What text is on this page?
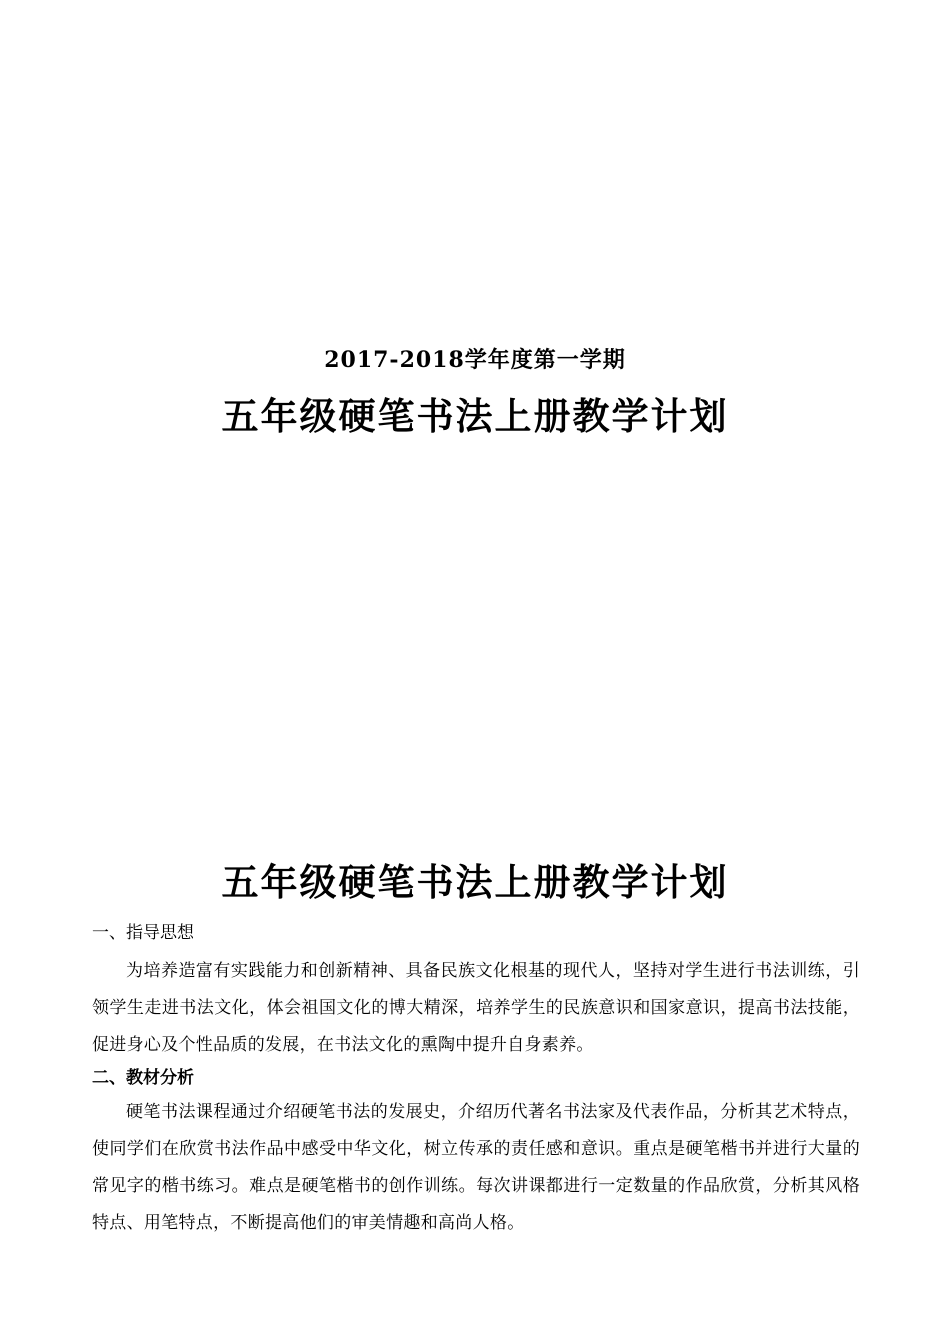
2017-2018学年度第一学期
五年级硬笔书法上册教学计划
五年级硬笔书法上册教学计划

一、指导思想

为培养造富有实践能力和创新精神、具备民族文化根基的现代人，坚持对学生进行书法训练，引领学生走进书法文化，体会祖国文化的博大精深，培养学生的民族意识和国家意识，提高书法技能，促进身心及个性品质的发展，在书法文化的熏陶中提升自身素养。

二、教材分析

硬笔书法课程通过介绍硬笔书法的发展史，介绍历代著名书法家及代表作品，分析其艺术特点，使同学们在欣赏书法作品中感受中华文化，树立传承的责任感和意识。重点是硬笔楷书并进行大量的常见字的楷书练习。难点是硬笔楷书的创作训练。每次讲课都进行一定数量的作品欣赏，分析其风格特点、用笔特点，不断提高他们的审美情趣和高尚人格。
